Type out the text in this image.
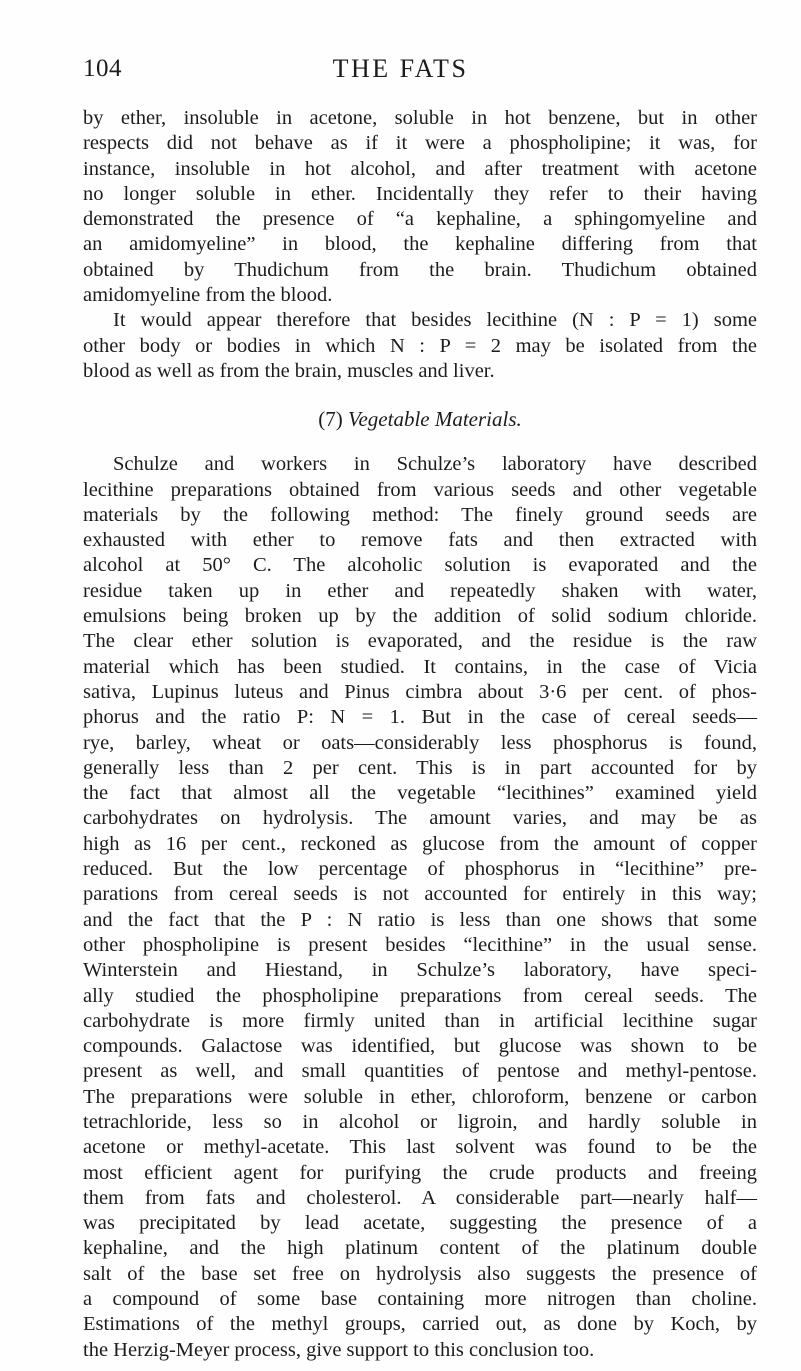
104	THE FATS
by ether, insoluble in acetone, soluble in hot benzene, but in other
respects did not behave as if it were a phospholipine; it was, for
instance, insoluble in hot alcohol, and after treatment with acetone
no longer soluble in ether. Incidentally they refer to their having
demonstrated the presence of “a kephaline, a sphingomyeline and
an amidomyeline” in blood, the kephaline differing from that
obtained by Thudichum from the brain. Thudichum obtained
amidomyeline from the blood.
It would appear therefore that besides lecithine (N : P = 1) some
other body or bodies in which N : P = 2 may be isolated from the
blood as well as from the brain, muscles and liver.
(7) Vegetable Materials.
Schulze and workers in Schulze’s laboratory have described
lecithine preparations obtained from various seeds and other vegetable
materials by the following method: The finely ground seeds are
exhausted with ether to remove fats and then extracted with
alcohol at 50° C. The alcoholic solution is evaporated and the
residue taken up in ether and repeatedly shaken with water,
emulsions being broken up by the addition of solid sodium chloride.
The clear ether solution is evaporated, and the residue is the raw
material which has been studied. It contains, in the case of Vicia
sativa, Lupinus luteus and Pinus cimbra about 3·6 per cent. of phos-
phorus and the ratio P: N = 1. But in the case of cereal seeds—
rye, barley, wheat or oats—considerably less phosphorus is found,
generally less than 2 per cent. This is in part accounted for by
the fact that almost all the vegetable “lecithines” examined yield
carbohydrates on hydrolysis. The amount varies, and may be as
high as 16 per cent., reckoned as glucose from the amount of copper
reduced. But the low percentage of phosphorus in “lecithine” pre-
parations from cereal seeds is not accounted for entirely in this way;
and the fact that the P : N ratio is less than one shows that some
other phospholipine is present besides “lecithine” in the usual sense.
Winterstein and Hiestand, in Schulze’s laboratory, have speci-
ally studied the phospholipine preparations from cereal seeds. The
carbohydrate is more firmly united than in artificial lecithine sugar
compounds. Galactose was identified, but glucose was shown to be
present as well, and small quantities of pentose and methyl-pentose.
The preparations were soluble in ether, chloroform, benzene or carbon
tetrachloride, less so in alcohol or ligroin, and hardly soluble in
acetone or methyl-acetate. This last solvent was found to be the
most efficient agent for purifying the crude products and freeing
them from fats and cholesterol. A considerable part—nearly half—
was precipitated by lead acetate, suggesting the presence of a
kephaline, and the high platinum content of the platinum double
salt of the base set free on hydrolysis also suggests the presence of
a compound of some base containing more nitrogen than choline.
Estimations of the methyl groups, carried out, as done by Koch, by
the Herzig-Meyer process, give support to this conclusion too.
